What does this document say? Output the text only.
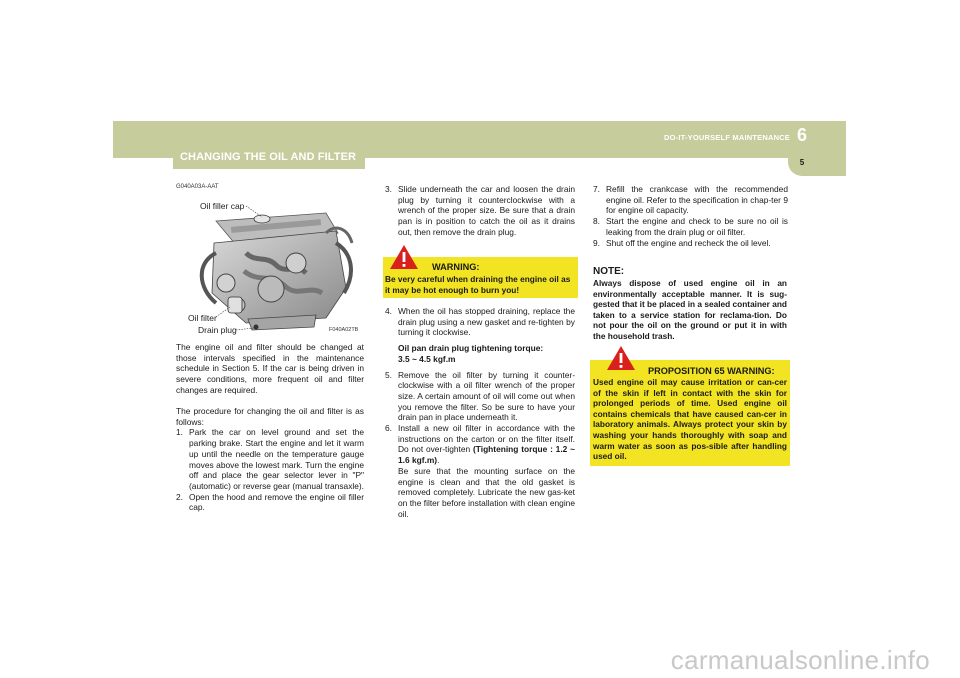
DO-IT-YOURSELF MAINTENANCE 6
5
CHANGING THE OIL AND FILTER
G040A03A-AAT
Oil filler cap
Oil filter
Drain plug	F040A02TB

The engine oil and filter should be changed at those intervals specified in the maintenance schedule in Section 5. If the car is being driven in severe conditions, more frequent oil and filter changes are required.

The procedure for changing the oil and filter is as follows:

1. Park the car on level ground and set the parking brake. Start the engine and let it warm up until the needle on the temperature gauge moves above the lowest mark. Turn the engine off and place the gear selector lever in "P" (automatic) or reverse gear (manual transaxle).
2. Open the hood and remove the engine oil filler cap.
3. Slide underneath the car and loosen the drain plug by turning it counterclockwise with a wrench of the proper size. Be sure that a drain pan is in position to catch the oil as it drains out, then remove the drain plug.
WARNING:
Be very careful when draining the engine oil as it may be hot enough to burn you!
4. When the oil has stopped draining, replace the drain plug using a new gasket and re-tighten by turning it clockwise.

Oil pan drain plug tightening torque:

3.5 ~ 4.5 kgf.m

5. Remove the oil filter by turning it counter-clockwise with a oil filter wrench of the proper size. A certain amount of oil will come out when you remove the filter. So be sure to have your drain pan in place underneath it.
6. Install a new oil filter in accordance with the instructions on the carton or on the filter itself. Do not over-tighten (Tightening torque : 1.2 ~ 1.6 kgf.m).
Be sure that the mounting surface on the engine is clean and that the old gasket is removed completely. Lubricate the new gas-ket on the filter before installation with clean engine oil.
7. Refill the crankcase with the recommended engine oil. Refer to the specification in chap-ter 9 for engine oil capacity.
8. Start the engine and check to be sure no oil is leaking from the drain plug or oil filter.
9. Shut off the engine and recheck the oil level.
NOTE:
Always dispose of used engine oil in an environmentally acceptable manner. It is sug-gested that it be placed in a sealed container and taken to a service station for reclama-tion. Do not pour the oil on the ground or put it in with the household trash.
PROPOSITION 65 WARNING:
Used engine oil may cause irritation or can-cer of the skin if left in contact with the skin for prolonged periods of time. Used engine oil contains chemicals that have caused can-cer in laboratory animals. Always protect your skin by washing your hands thoroughly with soap and warm water as soon as pos-sible after handling used oil.
carmanualsonline.info
